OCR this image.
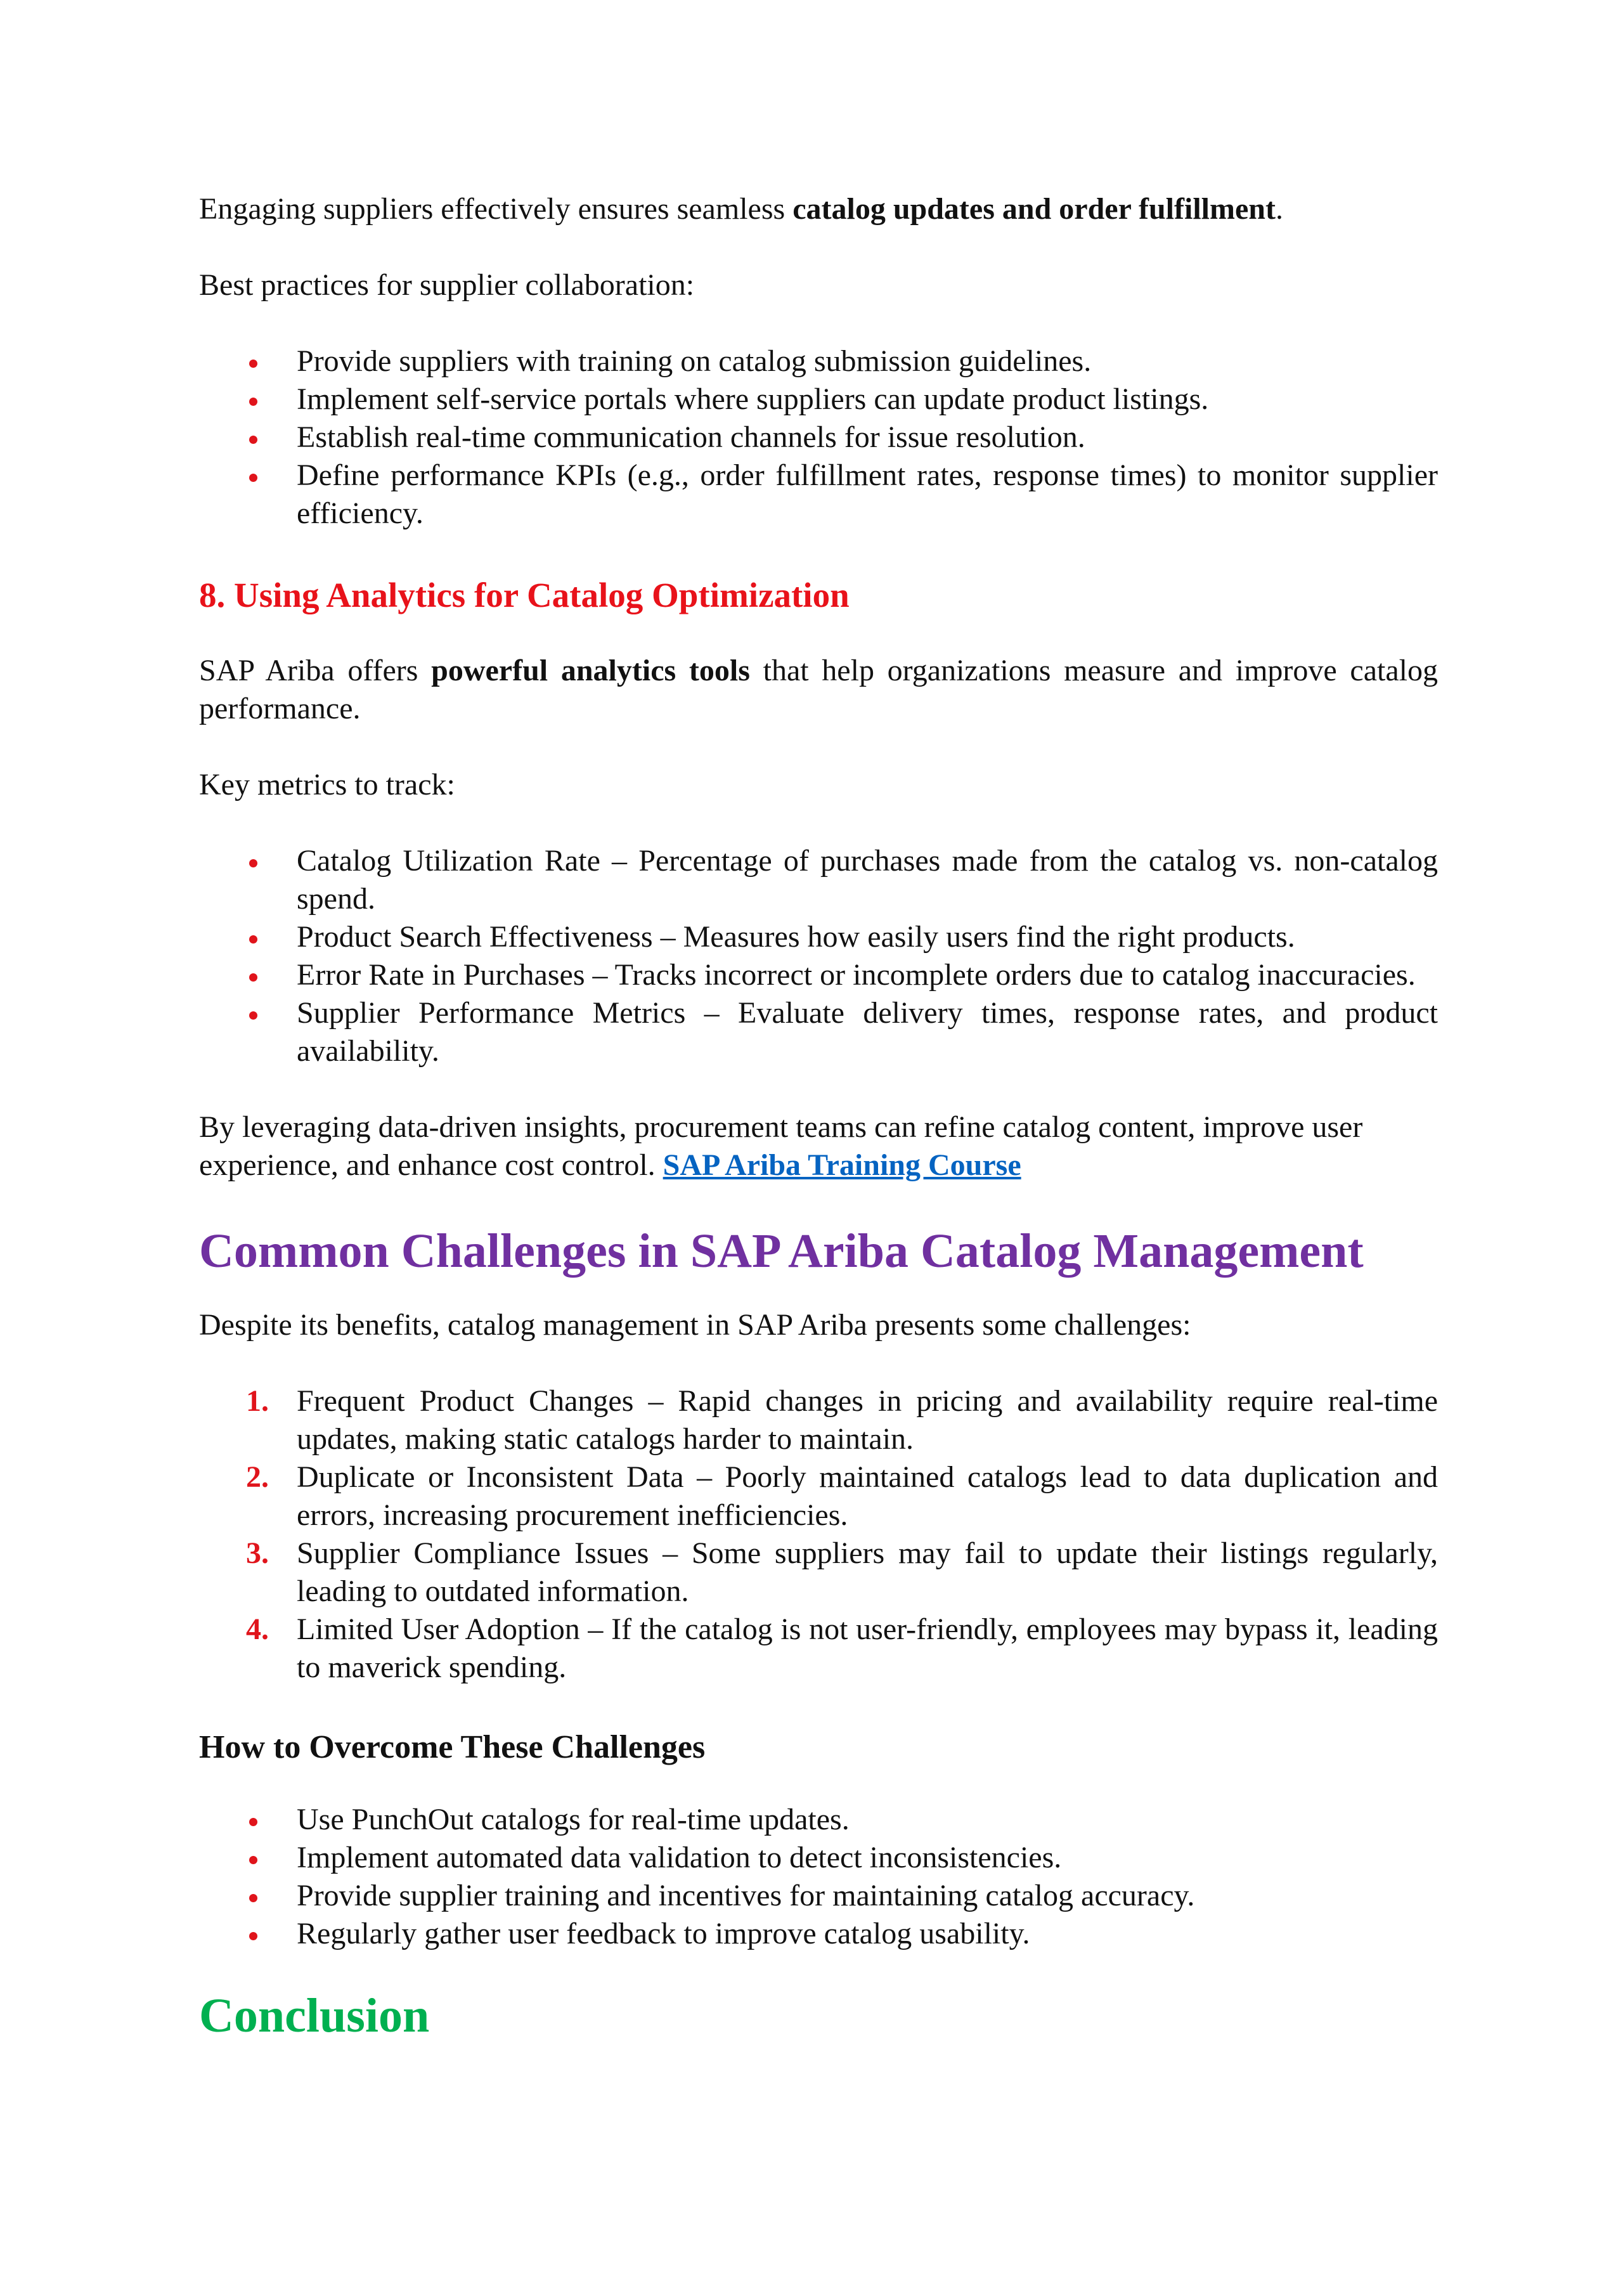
Engaging suppliers effectively ensures seamless catalog updates and order fulfillment.

Best practices for supplier collaboration:

Provide suppliers with training on catalog submission guidelines.
Implement self-service portals where suppliers can update product listings.
Establish real-time communication channels for issue resolution.
Define performance KPIs (e.g., order fulfillment rates, response times) to monitor supplier efficiency.
8. Using Analytics for Catalog Optimization

SAP Ariba offers powerful analytics tools that help organizations measure and improve catalog performance.

Key metrics to track:

Catalog Utilization Rate – Percentage of purchases made from the catalog vs. non-catalog spend.
Product Search Effectiveness – Measures how easily users find the right products.
Error Rate in Purchases – Tracks incorrect or incomplete orders due to catalog inaccuracies.
Supplier Performance Metrics – Evaluate delivery times, response rates, and product availability.

By leveraging data-driven insights, procurement teams can refine catalog content, improve user experience, and enhance cost control. SAP Ariba Training Course

Common Challenges in SAP Ariba Catalog Management

Despite its benefits, catalog management in SAP Ariba presents some challenges:

1. Frequent Product Changes – Rapid changes in pricing and availability require real-time updates, making static catalogs harder to maintain.
2. Duplicate or Inconsistent Data – Poorly maintained catalogs lead to data duplication and errors, increasing procurement inefficiencies.
3. Supplier Compliance Issues – Some suppliers may fail to update their listings regularly, leading to outdated information.
4. Limited User Adoption – If the catalog is not user-friendly, employees may bypass it, leading to maverick spending.
How to Overcome These Challenges
Use PunchOut catalogs for real-time updates.
Implement automated data validation to detect inconsistencies.
Provide supplier training and incentives for maintaining catalog accuracy.
Regularly gather user feedback to improve catalog usability.
Conclusion
